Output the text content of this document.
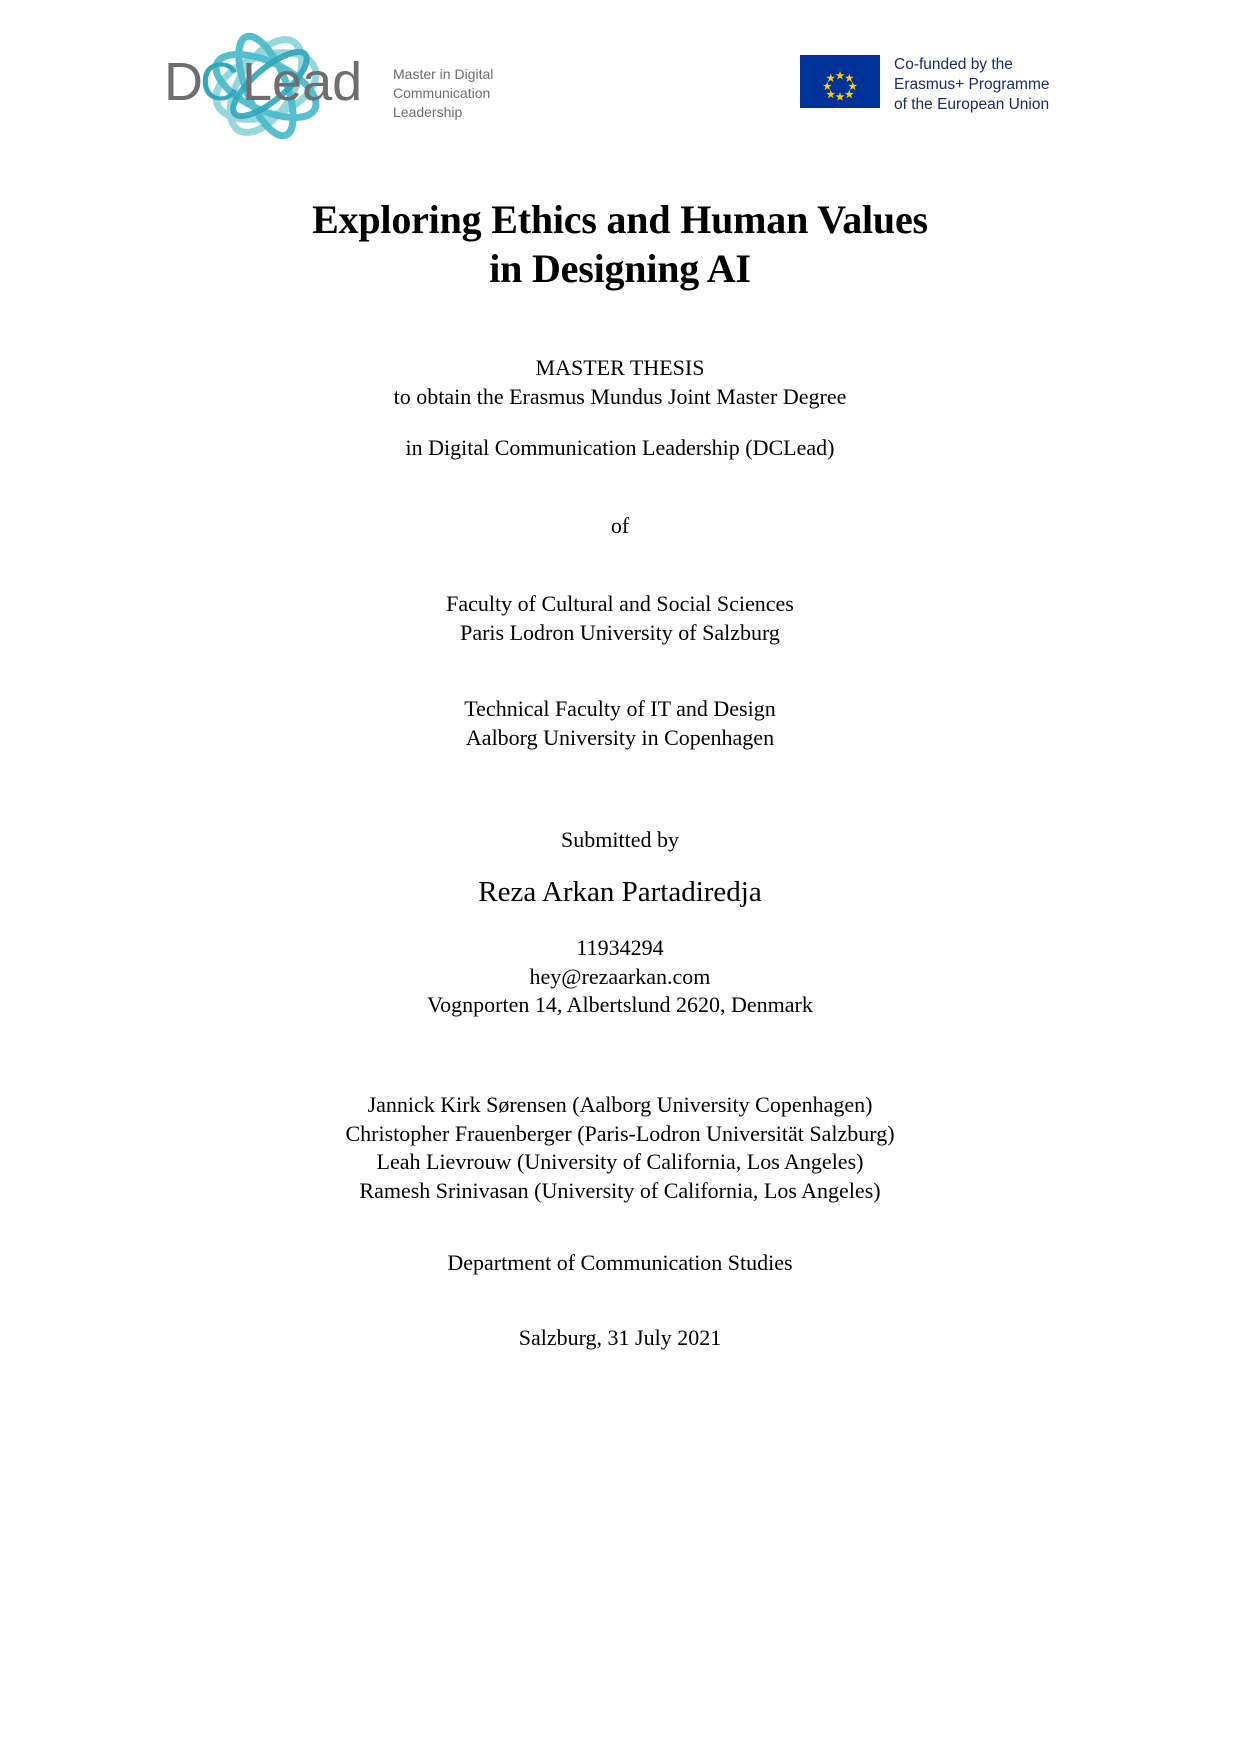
D
C Lead Master in Digital
Communication
Leadership
Co-funded by the
Erasmus+ Programme
of the European Union
Exploring Ethics and Human Values
in Designing AI
MASTER THESIS
to obtain the Erasmus Mundus Joint Master Degree
in Digital Communication Leadership (DCLead)
of
Faculty of Cultural and Social Sciences
Paris Lodron University of Salzburg
Technical Faculty of IT and Design
Aalborg University in Copenhagen
Submitted by
Reza Arkan Partadiredja
11934294
hey@rezaarkan.com
Vognporten 14, Albertslund 2620, Denmark
Jannick Kirk Sørensen (Aalborg University Copenhagen)
Christopher Frauenberger (Paris-Lodron Universität Salzburg)
Leah Lievrouw (University of California, Los Angeles)
Ramesh Srinivasan (University of California, Los Angeles)
Department of Communication Studies
Salzburg, 31 July 2021
